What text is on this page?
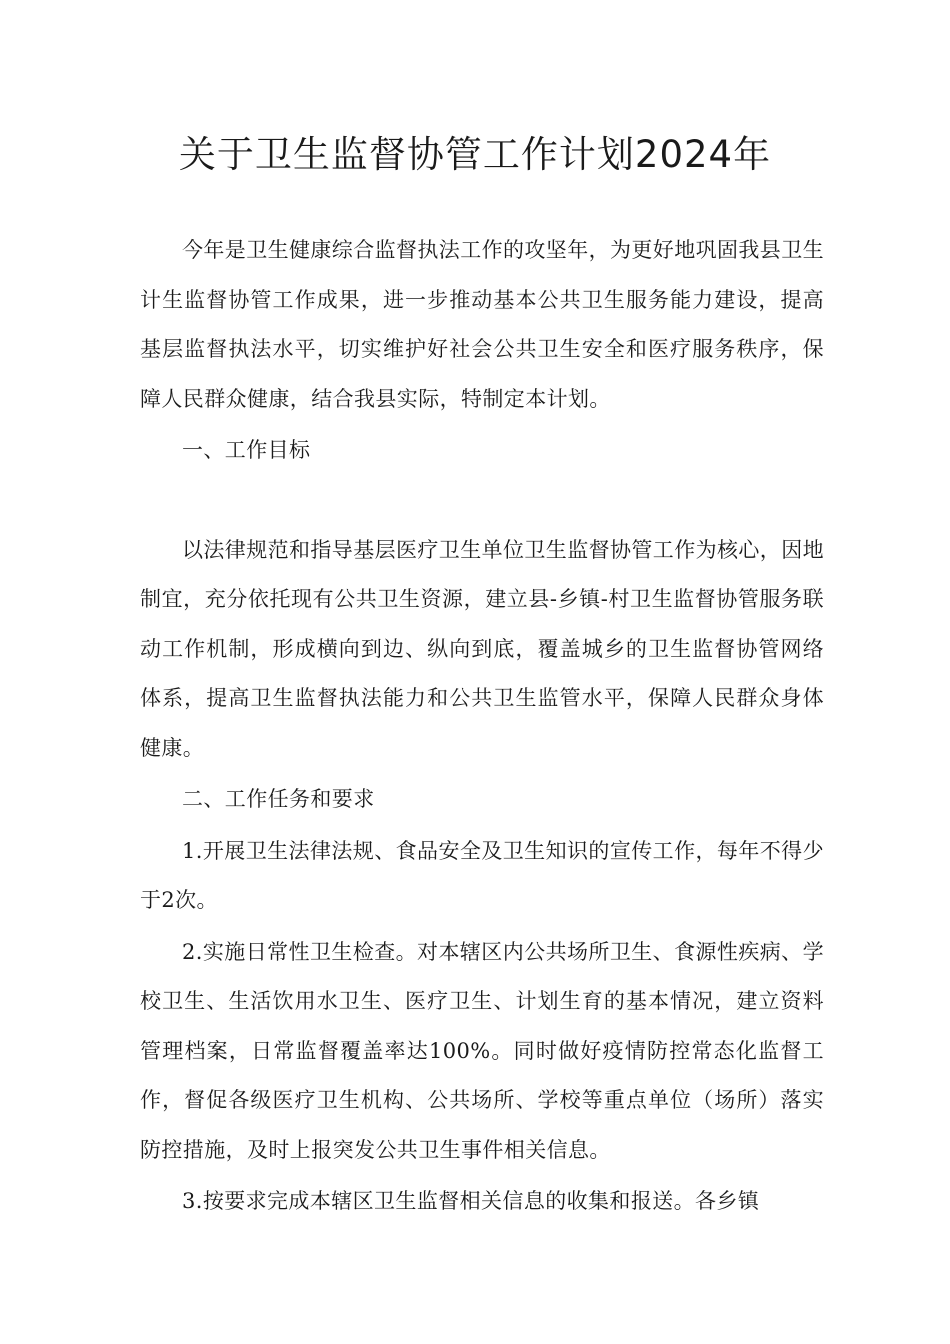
关于卫生监督协管工作计划2024年

今年是卫生健康综合监督执法工作的攻坚年，为更好地巩固我县卫生计生监督协管工作成果，进一步推动基本公共卫生服务能力建设，提高基层监督执法水平，切实维护好社会公共卫生安全和医疗服务秩序，保障人民群众健康，结合我县实际，特制定本计划。

一、工作目标

以法律规范和指导基层医疗卫生单位卫生监督协管工作为核心，因地制宜，充分依托现有公共卫生资源，建立县-乡镇-村卫生监督协管服务联动工作机制，形成横向到边、纵向到底，覆盖城乡的卫生监督协管网络体系，提高卫生监督执法能力和公共卫生监管水平，保障人民群众身体健康。

二、工作任务和要求

1.开展卫生法律法规、食品安全及卫生知识的宣传工作，每年不得少于2次。

2.实施日常性卫生检查。对本辖区内公共场所卫生、食源性疾病、学校卫生、生活饮用水卫生、医疗卫生、计划生育的基本情况，建立资料管理档案，日常监督覆盖率达100%。同时做好疫情防控常态化监督工作，督促各级医疗卫生机构、公共场所、学校等重点单位（场所）落实防控措施，及时上报突发公共卫生事件相关信息。

3.按要求完成本辖区卫生监督相关信息的收集和报送。各乡镇
